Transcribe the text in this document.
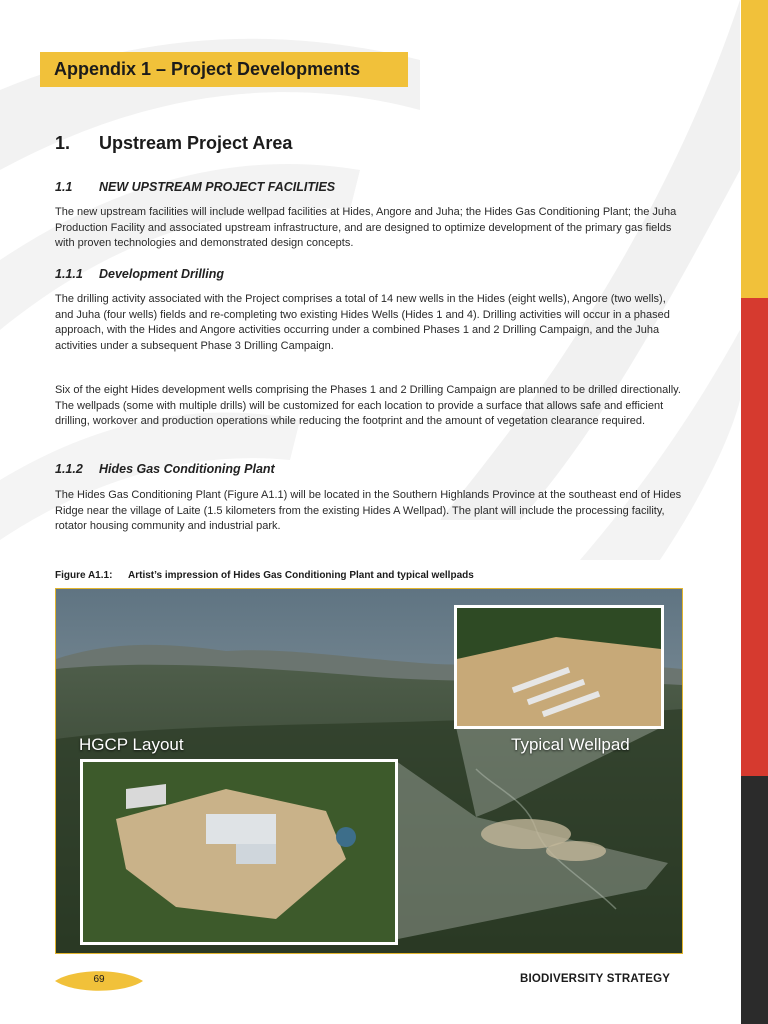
Appendix 1 – Project Developments
1. Upstream Project Area
1.1 NEW UPSTREAM PROJECT FACILITIES

The new upstream facilities will include wellpad facilities at Hides, Angore and Juha; the Hides Gas Conditioning Plant; the Juha Production Facility and associated upstream infrastructure, and are designed to optimize development of the primary gas fields with proven technologies and demonstrated design concepts.

1.1.1 Development Drilling

The drilling activity associated with the Project comprises a total of 14 new wells in the Hides (eight wells), Angore (two wells), and Juha (four wells) fields and re-completing two existing Hides Wells (Hides 1 and 4). Drilling activities will occur in a phased approach, with the Hides and Angore activities occurring under a combined Phases 1 and 2 Drilling Campaign, and the Juha activities under a subsequent Phase 3 Drilling Campaign.

Six of the eight Hides development wells comprising the Phases 1 and 2 Drilling Campaign are planned to be drilled directionally. The wellpads (some with multiple drills) will be customized for each location to provide a surface that allows safe and efficient drilling, workover and production operations while reducing the footprint and the amount of vegetation clearance required.

1.1.2 Hides Gas Conditioning Plant

The Hides Gas Conditioning Plant (Figure A1.1) will be located in the Southern Highlands Province at the southeast end of Hides Ridge near the village of Laite (1.5 kilometers from the existing Hides A Wellpad). The plant will include the processing facility, rotator housing community and industrial park.

Figure A1.1: Artist’s impression of Hides Gas Conditioning Plant and typical wellpads

HGCP Layout	Typical Wellpad
69	BIODIVERSITY STRATEGY
